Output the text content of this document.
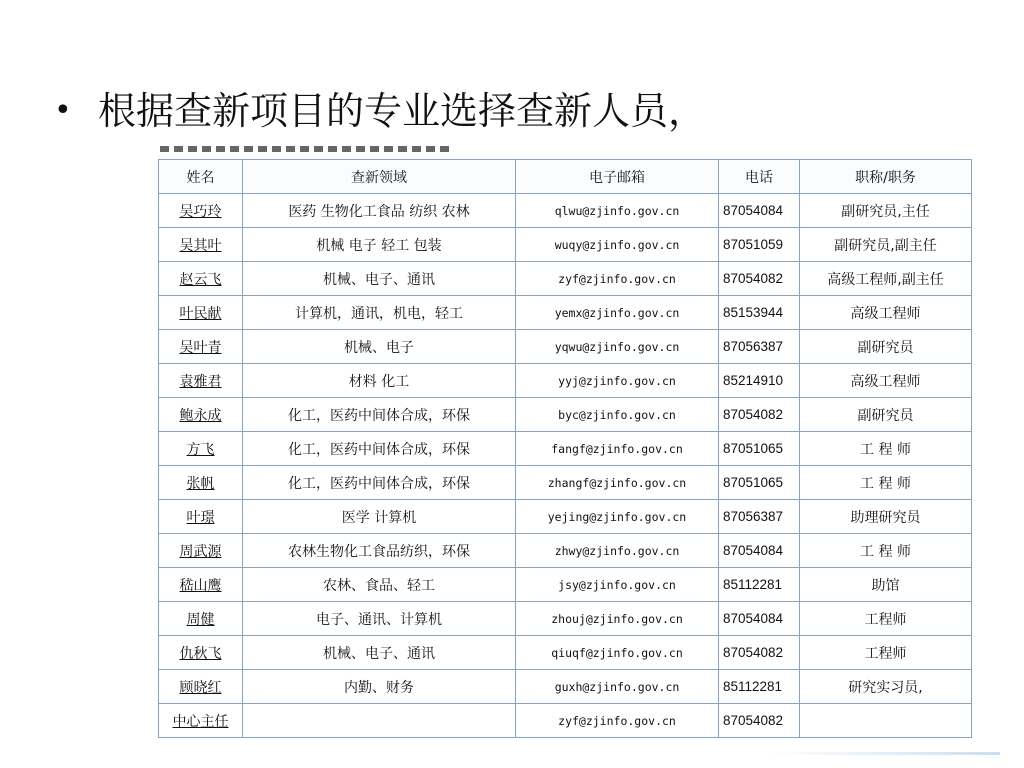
• 根据查新项目的专业选择查新人员，
姓名	查新领域	电子邮箱	电话	职称/职务
吴巧玲	医药 生物化工食品 纺织 农林	qlwu@zjinfo.gov.cn	87054084	副研究员,主任
吴其叶	机械 电子 轻工 包装	wuqy@zjinfo.gov.cn	87051059	副研究员,副主任
赵云飞	机械、电子、通讯	zyf@zjinfo.gov.cn	87054082	高级工程师,副主任
叶民献	计算机，通讯，机电，轻工	yemx@zjinfo.gov.cn	85153944	高级工程师
吴叶青	机械、电子	yqwu@zjinfo.gov.cn	87056387	副研究员
袁雅君	材料 化工	yyj@zjinfo.gov.cn	85214910	高级工程师
鲍永成	化工，医药中间体合成，环保	byc@zjinfo.gov.cn	87054082	副研究员
方飞	化工，医药中间体合成，环保	fangf@zjinfo.gov.cn	87051065	工 程 师
张帆	化工，医药中间体合成，环保	zhangf@zjinfo.gov.cn	87051065	工 程 师
叶璟	医学 计算机	yejing@zjinfo.gov.cn	87056387	助理研究员
周武源	农林生物化工食品纺织，环保	zhwy@zjinfo.gov.cn	87054084	工 程 师
嵇山鹰	农林、食品、轻工	jsy@zjinfo.gov.cn	85112281	助馆
周健	电子、通讯、计算机	zhouj@zjinfo.gov.cn	87054084	工程师
仇秋飞	机械、电子、通讯	qiuqf@zjinfo.gov.cn	87054082	工程师
顾晓红	内勤、财务	guxh@zjinfo.gov.cn	85112281	研究实习员,
中心主任		zyf@zjinfo.gov.cn	87054082	
